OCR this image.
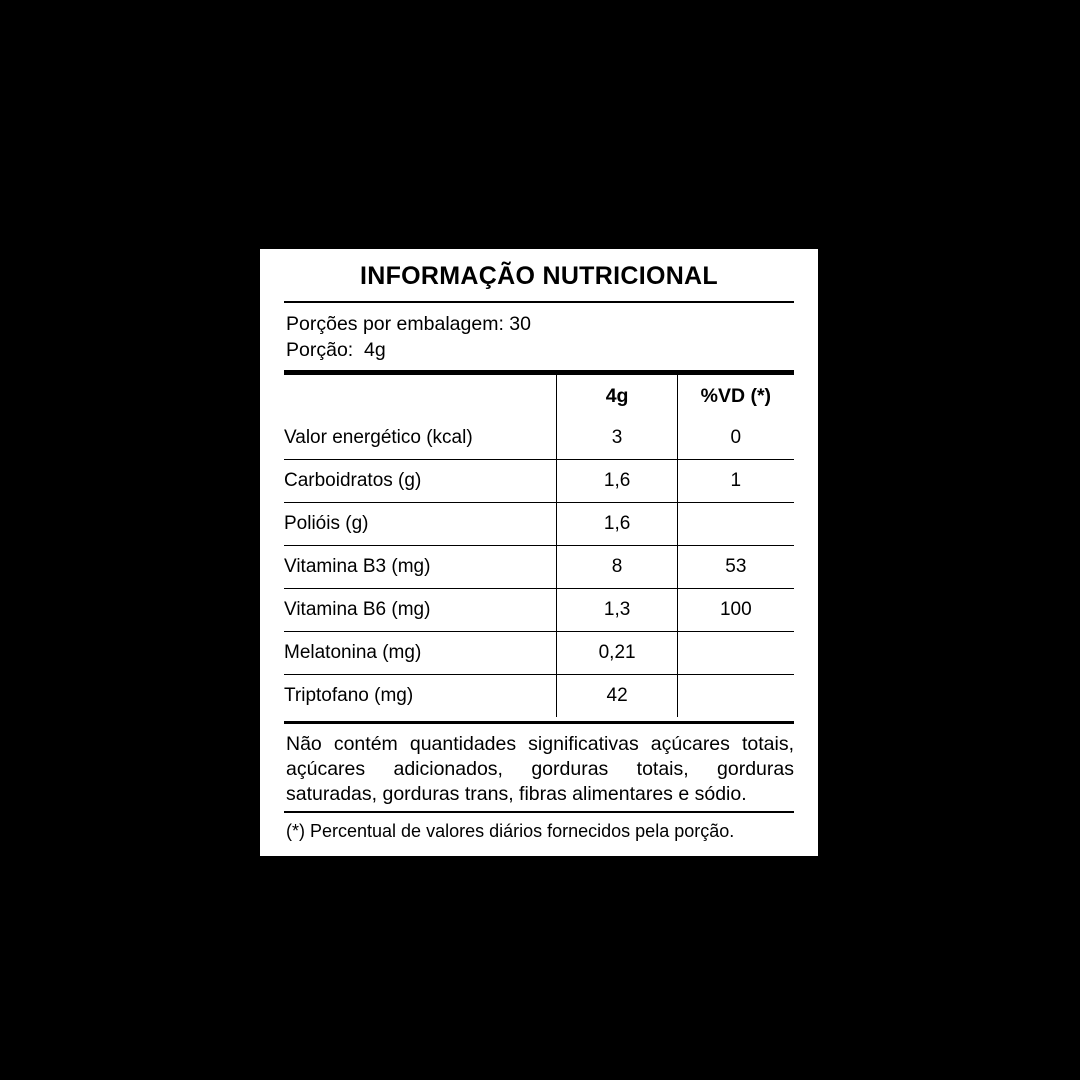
INFORMAÇÃO NUTRICIONAL
Porções por embalagem: 30
Porção:  4g
	4g	%VD (*)
Valor energético (kcal)	3	0
Carboidratos (g)	1,6	1
Polióis (g)	1,6	
Vitamina B3 (mg)	8	53
Vitamina B6 (mg)	1,3	100
Melatonina (mg)	0,21	
Triptofano (mg)	42	
Não contém quantidades significativas açúcares totais, açúcares adicionados, gorduras totais, gorduras saturadas, gorduras trans, fibras alimentares e sódio.
(*) Percentual de valores diários fornecidos pela porção.
